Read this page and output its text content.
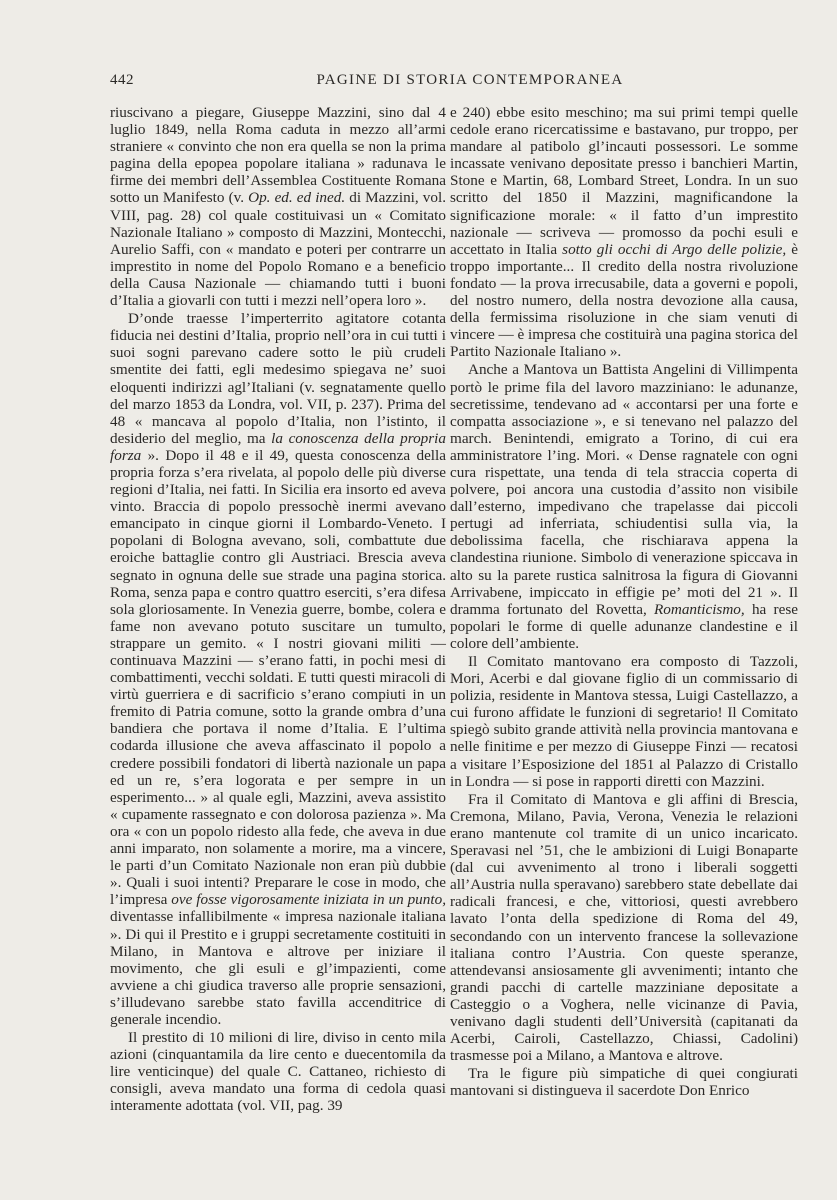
442	PAGINE DI STORIA CONTEMPORANEA

riuscivano a piegare, Giuseppe Mazzini, sino dal 4 luglio 1849, nella Roma caduta in mezzo all’armi straniere « convinto che non era quella se non la prima pagina della epopea popolare italiana » radunava le firme dei membri dell’Assemblea Costituente Romana sotto un Manifesto (v. Op. ed. ed ined. di Mazzini, vol. VIII, pag. 28) col quale costituivasi un « Comitato Nazionale Italiano » composto di Mazzini, Montecchi, Aurelio Saffi, con « mandato e poteri per contrarre un imprestito in nome del Popolo Romano e a beneficio della Causa Nazionale — chiamando tutti i buoni d’Italia a giovarli con tutti i mezzi nell’opera loro ».

D’onde traesse l’imperterrito agitatore cotanta fiducia nei destini d’Italia, proprio nell’ora in cui tutti i suoi sogni parevano cadere sotto le più crudeli smentite dei fatti, egli medesimo spiegava ne’ suoi eloquenti indirizzi agl’Italiani (v. segnatamente quello del marzo 1853 da Londra, vol. VII, p. 237). Prima del 48 « mancava al popolo d’Italia, non l’istinto, il desiderio del meglio, ma la conoscenza della propria forza ». Dopo il 48 e il 49, questa conoscenza della propria forza s’era rivelata, al popolo delle più diverse regioni d’Italia, nei fatti. In Sicilia era insorto ed aveva vinto. Braccia di popolo pressochè inermi avevano emancipato in cinque giorni il Lombardo-Veneto. I popolani di Bologna avevano, soli, combattute due eroiche battaglie contro gli Austriaci. Brescia aveva segnato in ognuna delle sue strade una pagina storica. Roma, senza papa e contro quattro eserciti, s’era difesa sola gloriosamente. In Venezia guerre, bombe, colera e fame non avevano potuto suscitare un tumulto, strappare un gemito. « I nostri giovani militi — continuava Mazzini — s’erano fatti, in pochi mesi di combattimenti, vecchi soldati. E tutti questi miracoli di virtù guerriera e di sacrificio s’erano compiuti in un fremito di Patria comune, sotto la grande ombra d’una bandiera che portava il nome d’Italia. E l’ultima codarda illusione che aveva affascinato il popolo a credere possibili fondatori di libertà nazionale un papa ed un re, s’era logorata e per sempre in un esperimento... » al quale egli, Mazzini, aveva assistito « cupamente rassegnato e con dolorosa pazienza ». Ma ora « con un popolo ridesto alla fede, che aveva in due anni imparato, non solamente a morire, ma a vincere, le parti d’un Comitato Nazionale non eran più dubbie ». Quali i suoi intenti? Preparare le cose in modo, che l’impresa ove fosse vigorosamente iniziata in un punto, diventasse infallibilmente « impresa nazionale italiana ». Di qui il Prestito e i gruppi secretamente costituiti in Milano, in Mantova e altrove per iniziare il movimento, che gli esuli e gl’impazienti, come avviene a chi giudica traverso alle proprie sensazioni, s’illudevano sarebbe stato favilla accenditrice di generale incendio.

Il prestito di 10 milioni di lire, diviso in cento mila azioni (cinquantamila da lire cento e duecentomila da lire venticinque) del quale C. Cattaneo, richiesto di consigli, aveva mandato una forma di cedola quasi interamente adottata (vol. VII, pag. 39

e 240) ebbe esito meschino; ma sui primi tempi quelle cedole erano ricercatissime e bastavano, pur troppo, per mandare al patibolo gl’incauti possessori. Le somme incassate venivano depositate presso i banchieri Martin, Stone e Martin, 68, Lombard Street, Londra. In un suo scritto del 1850 il Mazzini, magnificandone la significazione morale: « il fatto d’un imprestito nazionale — scriveva — promosso da pochi esuli e accettato in Italia sotto gli occhi di Argo delle polizie, è troppo importante... Il credito della nostra rivoluzione fondato — la prova irrecusabile, data a governi e popoli, del nostro numero, della nostra devozione alla causa, della fermissima risoluzione in che siam venuti di vincere — è impresa che costituirà una pagina storica del Partito Nazionale Italiano ».

Anche a Mantova un Battista Angelini di Villimpenta portò le prime fila del lavoro mazziniano: le adunanze, secretissime, tendevano ad « accontarsi per una forte e compatta associazione », e si tenevano nel palazzo del march. Benintendi, emigrato a Torino, di cui era amministratore l’ing. Mori. « Dense ragnatele con ogni cura rispettate, una tenda di tela straccia coperta di polvere, poi ancora una custodia d’assito non visibile dall’esterno, impedivano che trapelasse dai piccoli pertugi ad inferriata, schiudentisi sulla via, la debolissima facella, che rischiarava appena la clandestina riunione. Simbolo di venerazione spiccava in alto su la parete rustica salnitrosa la figura di Giovanni Arrivabene, impiccato in effigie pe’ moti del 21 ». Il dramma fortunato del Rovetta, Romanticismo, ha rese popolari le forme di quelle adunanze clandestine e il colore dell’ambiente.

Il Comitato mantovano era composto di Tazzoli, Mori, Acerbi e dal giovane figlio di un commissario di polizia, residente in Mantova stessa, Luigi Castellazzo, a cui furono affidate le funzioni di segretario! Il Comitato spiegò subito grande attività nella provincia mantovana e nelle finitime e per mezzo di Giuseppe Finzi — recatosi a visitare l’Esposizione del 1851 al Palazzo di Cristallo in Londra — si pose in rapporti diretti con Mazzini.

Fra il Comitato di Mantova e gli affini di Brescia, Cremona, Milano, Pavia, Verona, Venezia le relazioni erano mantenute col tramite di un unico incaricato. Speravasi nel ’51, che le ambizioni di Luigi Bonaparte (dal cui avvenimento al trono i liberali soggetti all’Austria nulla speravano) sarebbero state debellate dai radicali francesi, e che, vittoriosi, questi avrebbero lavato l’onta della spedizione di Roma del 49, secondando con un intervento francese la sollevazione italiana contro l’Austria. Con queste speranze, attendevansi ansiosamente gli avvenimenti; intanto che grandi pacchi di cartelle mazziniane depositate a Casteggio o a Voghera, nelle vicinanze di Pavia, venivano dagli studenti dell’Università (capitanati da Acerbi, Cairoli, Castellazzo, Chiassi, Cadolini) trasmesse poi a Milano, a Mantova e altrove.

Tra le figure più simpatiche di quei congiurati mantovani si distingueva il sacerdote Don Enrico
